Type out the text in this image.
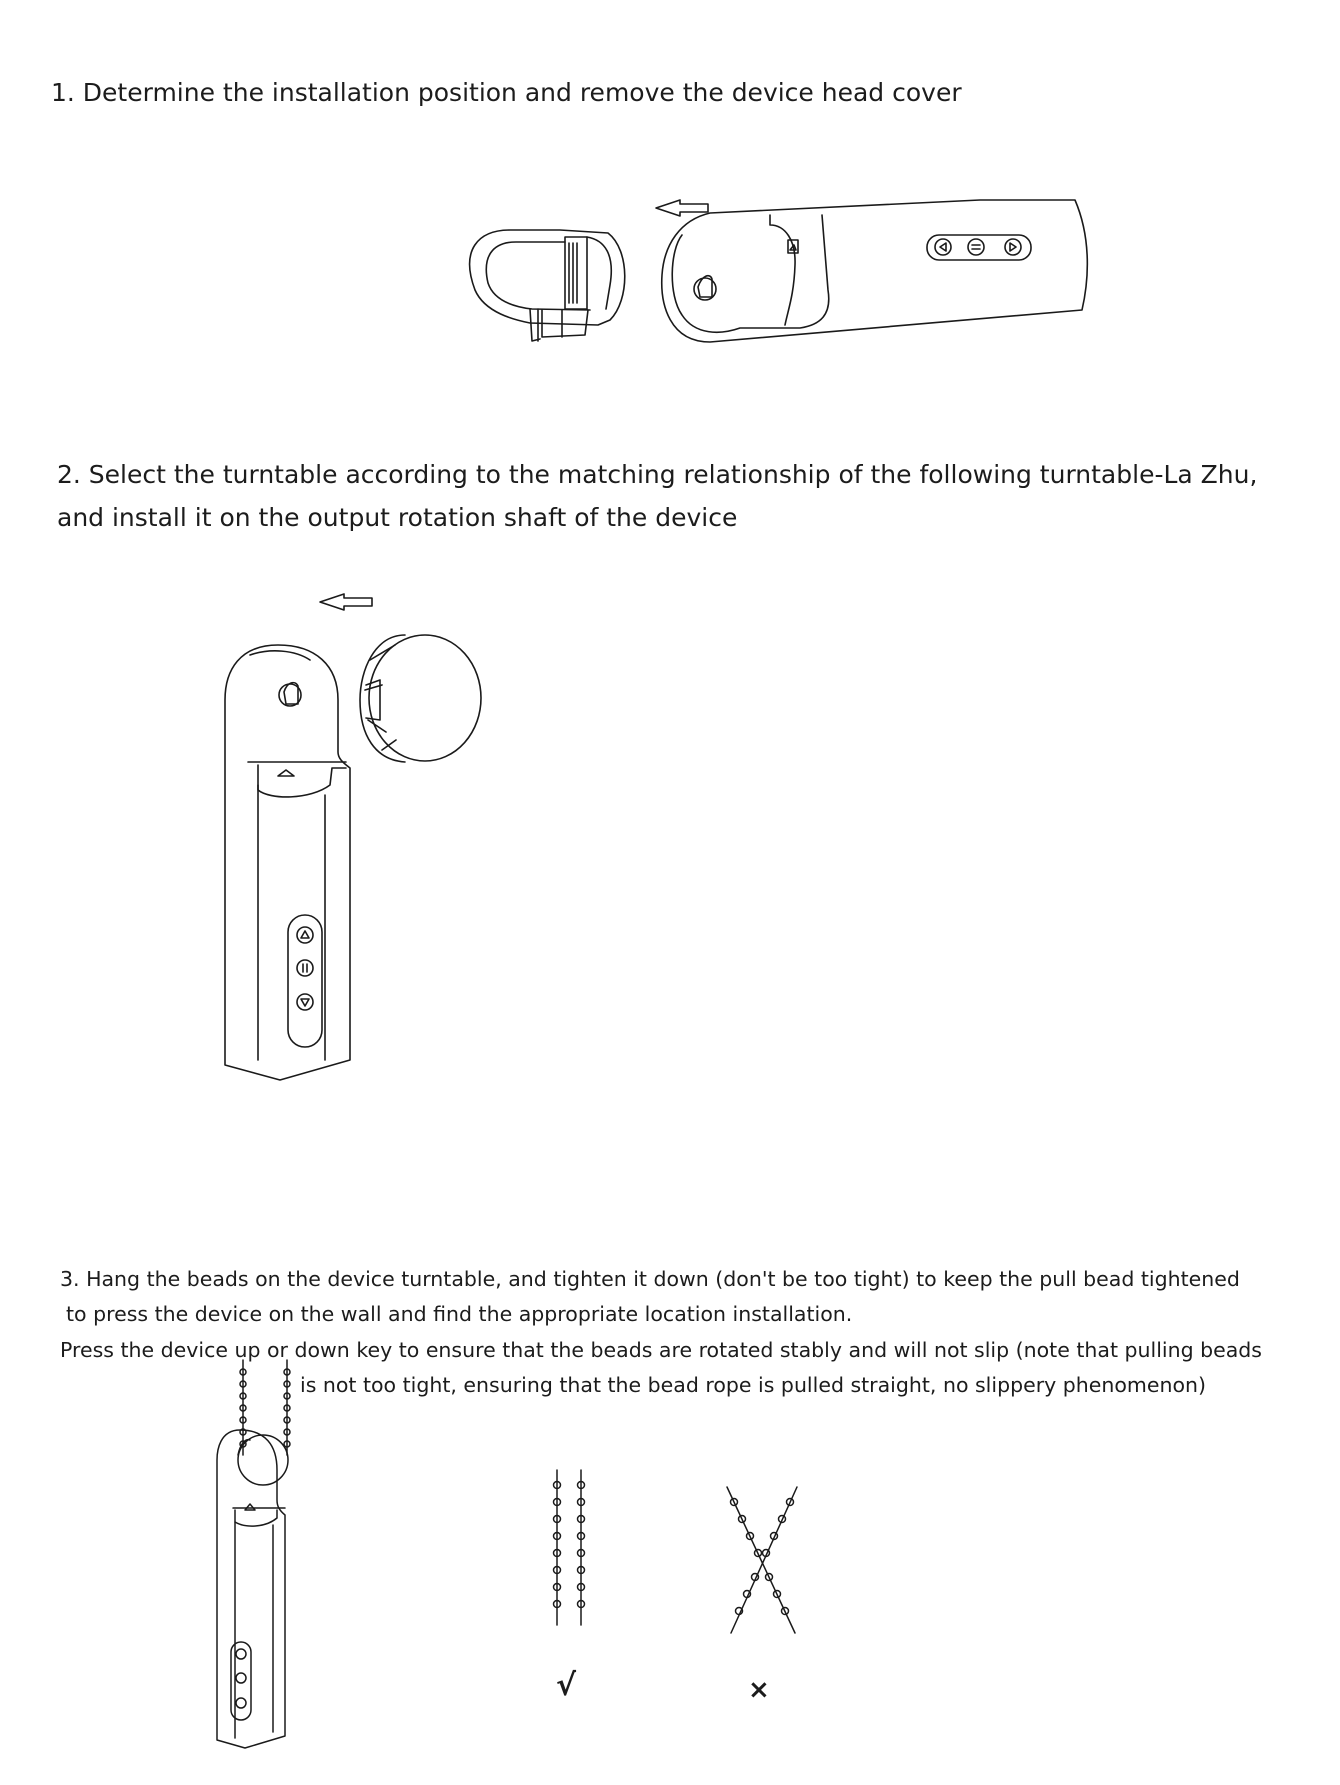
1. Determine the installation position and remove the device head cover

2. Select the turntable according to the matching relationship of the following turntable-La Zhu,

and install it on the output rotation shaft of the device

3. Hang the beads on the device turntable, and tighten it down (don't be too tight) to keep the pull bead tightened

to press the device on the wall and find the appropriate location installation.

Press the device up or down key to ensure that the beads are rotated stably and will not slip (note that pulling beads

is not too tight, ensuring that the bead rope is pulled straight, no slippery phenomenon)

√	×
